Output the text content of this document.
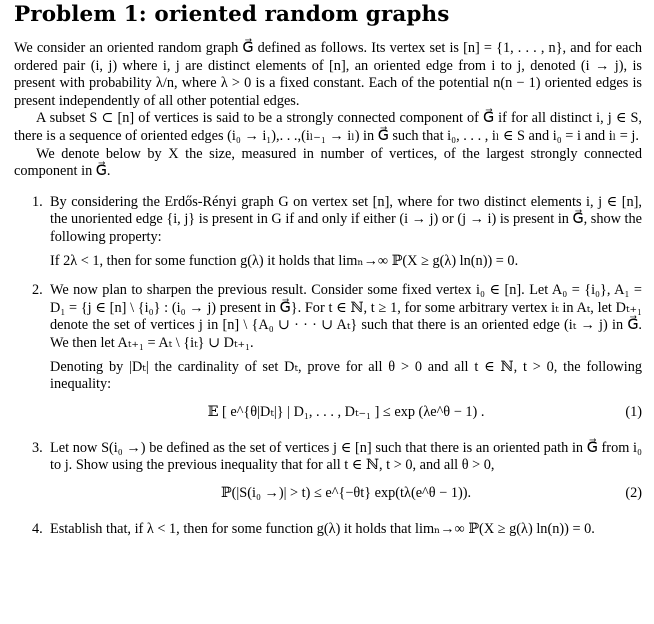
Problem 1: oriented random graphs

We consider an oriented random graph G⃗ defined as follows. Its vertex set is [n] = {1, . . . , n}, and for each ordered pair (i, j) where i, j are distinct elements of [n], an oriented edge from i to j, denoted (i → j), is present with probability λ/n, where λ > 0 is a fixed constant. Each of the potential n(n − 1) oriented edges is present independently of all other potential edges.

A subset S ⊂ [n] of vertices is said to be a strongly connected component of G⃗ if for all distinct i, j ∈ S, there is a sequence of oriented edges (i₀ → i₁),. . .,(iₗ₋₁ → iₗ) in G⃗ such that i₀, . . . , iₗ ∈ S and i₀ = i and iₗ = j.

We denote below by X the size, measured in number of vertices, of the largest strongly connected component in G⃗.

1. By considering the Erdős-Rényi graph G on vertex set [n], where for two distinct elements i, j ∈ [n], the unoriented edge {i, j} is present in G if and only if either (i → j) or (j → i) is present in G⃗, show the following property:

If 2λ < 1, then for some function g(λ) it holds that limₙ→∞ ℙ(X ≥ g(λ) ln(n)) = 0.

2. We now plan to sharpen the previous result. Consider some fixed vertex i₀ ∈ [n]. Let A₀ = {i₀}, A₁ = D₁ = {j ∈ [n] \ {i₀} : (i₀ → j) present in G⃗}. For t ∈ ℕ, t ≥ 1, for some arbitrary vertex iₜ in Aₜ, let Dₜ₊₁ denote the set of vertices j in [n] \ {A₀ ∪ · · · ∪ Aₜ} such that there is an oriented edge (iₜ → j) in G⃗. We then let Aₜ₊₁ = Aₜ \ {iₜ} ∪ Dₜ₊₁.

Denoting by |Dₜ| the cardinality of set Dₜ, prove for all θ > 0 and all t ∈ ℕ, t > 0, the following inequality:

𝔼 [ e^{θ|Dₜ|} | D₁, . . . , Dₜ₋₁ ] ≤ exp (λe^θ − 1) .	(1)
3. Let now S(i₀ →) be defined as the set of vertices j ∈ [n] such that there is an oriented path in G⃗ from i₀ to j. Show using the previous inequality that for all t ∈ ℕ, t > 0, and all θ > 0,

ℙ(|S(i₀ →)| > t) ≤ e^{−θt} exp(tλ(e^θ − 1)).	(2)
4. Establish that, if λ < 1, then for some function g(λ) it holds that limₙ→∞ ℙ(X ≥ g(λ) ln(n)) = 0.
